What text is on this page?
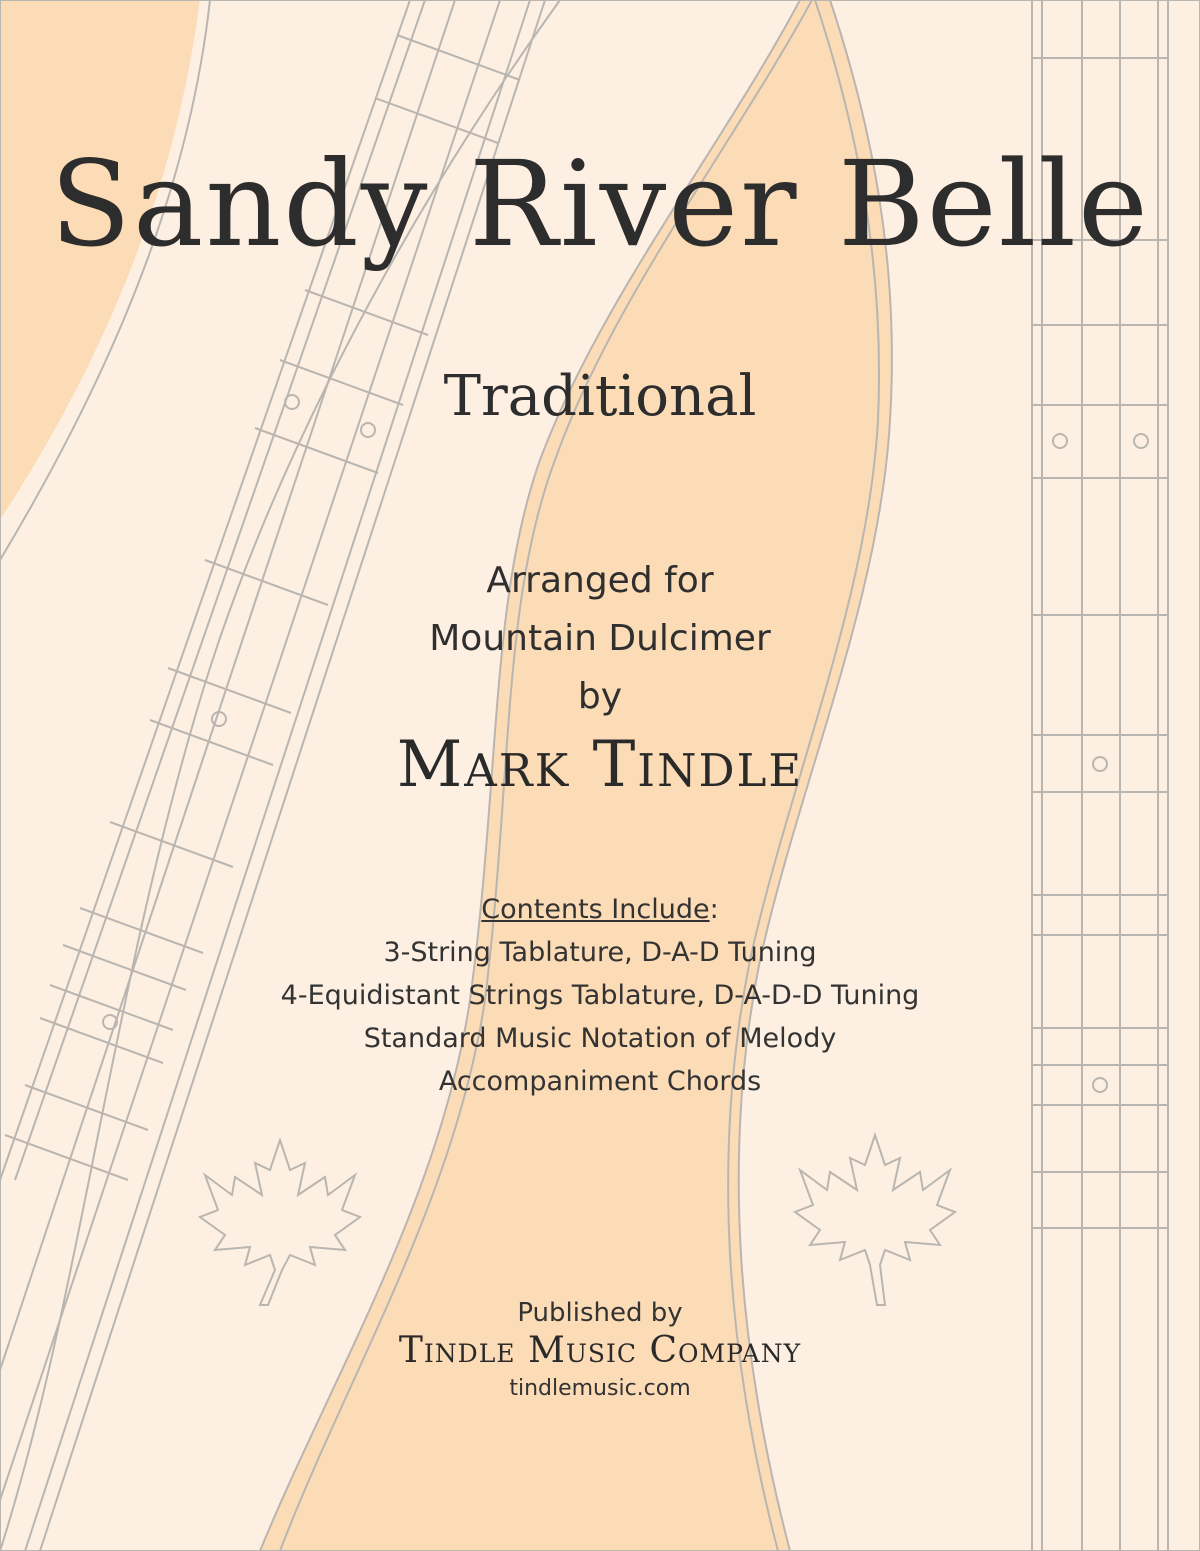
Sandy River Belle
Traditional
Arranged for
Mountain Dulcimer
by
Mark Tindle
Contents Include:
3-String Tablature, D-A-D Tuning
4-Equidistant Strings Tablature, D-A-D-D Tuning
Standard Music Notation of Melody
Accompaniment Chords
Published by
Tindle Music Company
tindlemusic.com
